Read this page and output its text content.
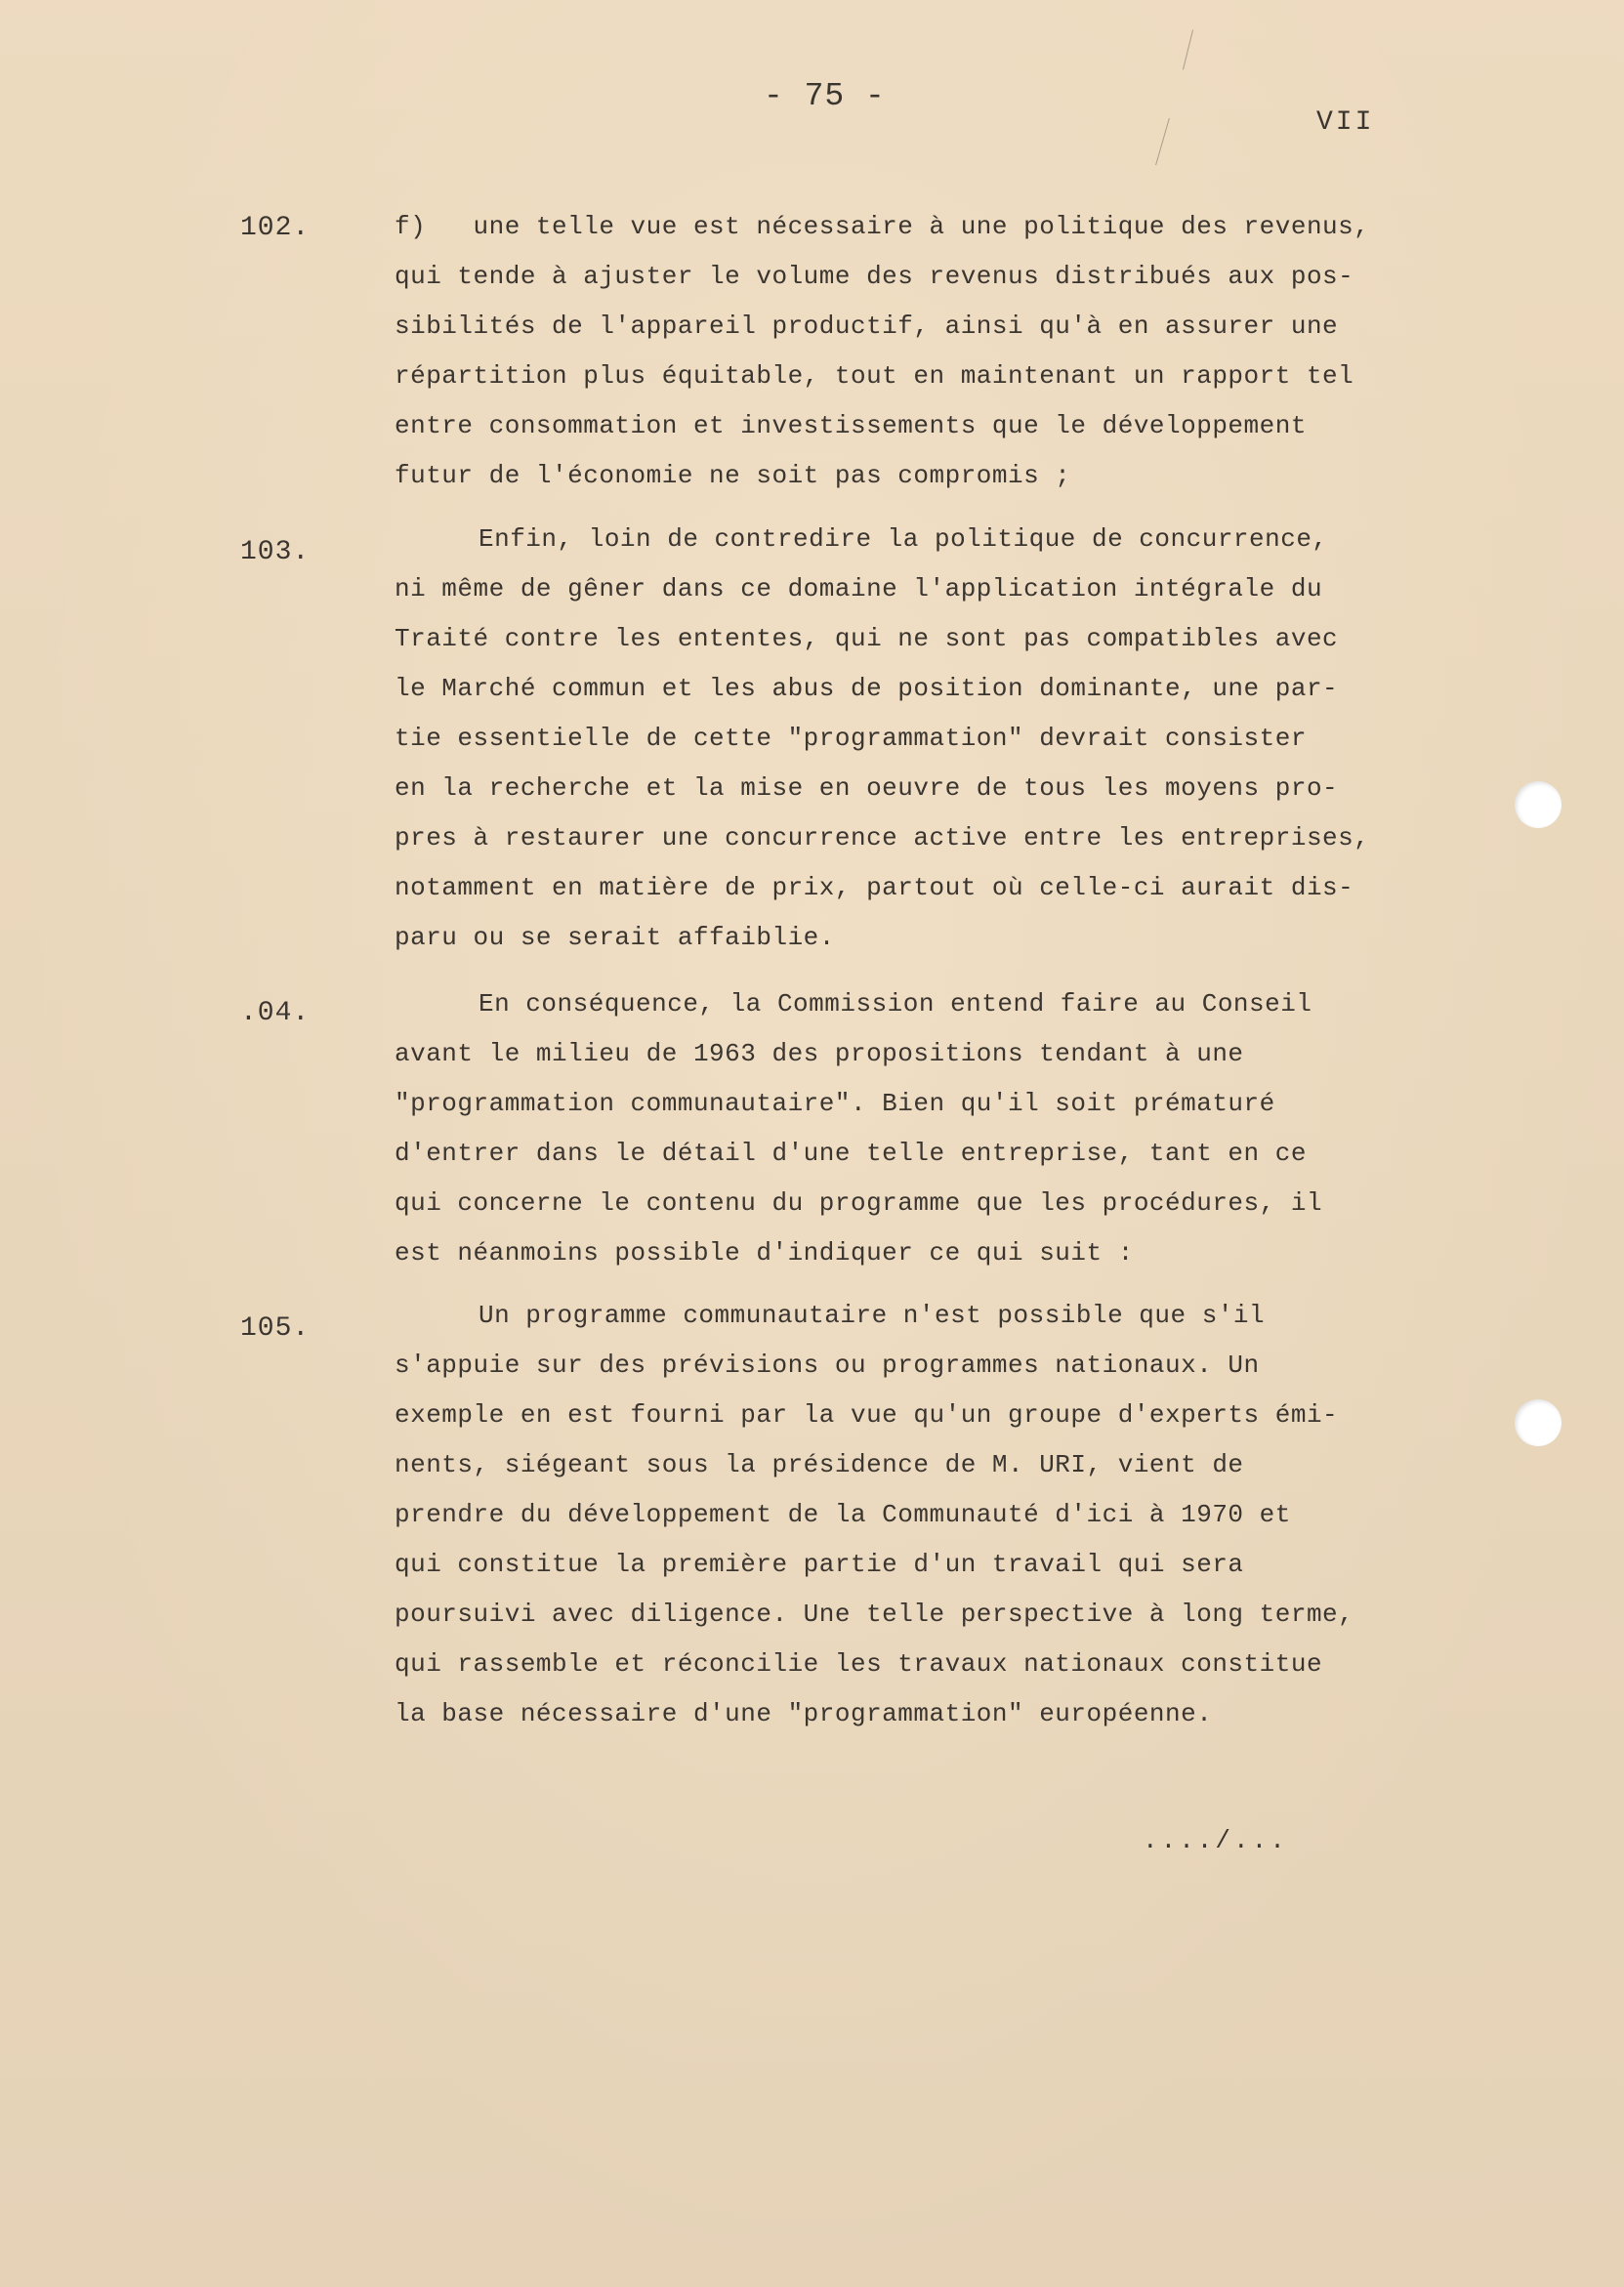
- 75 -
VII
102.	f)   une telle vue est nécessaire à une politique des revenus,
qui tende à ajuster le volume des revenus distribués aux pos-
sibilités de l'appareil productif, ainsi qu'à en assurer une
répartition plus équitable, tout en maintenant un rapport tel
entre consommation et investissements que le développement
futur de l'économie ne soit pas compromis ;
103.	Enfin, loin de contredire la politique de concurrence,
ni même de gêner dans ce domaine l'application intégrale du
Traité contre les ententes, qui ne sont pas compatibles avec
le Marché commun et les abus de position dominante, une par-
tie essentielle de cette "programmation" devrait consister
en la recherche et la mise en oeuvre de tous les moyens pro-
pres à restaurer une concurrence active entre les entreprises,
notamment en matière de prix, partout où celle-ci aurait dis-
paru ou se serait affaiblie.
.04.	En conséquence, la Commission entend faire au Conseil
avant le milieu de 1963 des propositions tendant à une
"programmation communautaire". Bien qu'il soit prématuré
d'entrer dans le détail d'une telle entreprise, tant en ce
qui concerne le contenu du programme que les procédures, il
est néanmoins possible d'indiquer ce qui suit :
105.	Un programme communautaire n'est possible que s'il
s'appuie sur des prévisions ou programmes nationaux. Un
exemple en est fourni par la vue qu'un groupe d'experts émi-
nents, siégeant sous la présidence de M. URI, vient de
prendre du développement de la Communauté d'ici à 1970 et
qui constitue la première partie d'un travail qui sera
poursuivi avec diligence. Une telle perspective à long terme,
qui rassemble et réconcilie les travaux nationaux constitue
la base nécessaire d'une "programmation" européenne.
..../...
